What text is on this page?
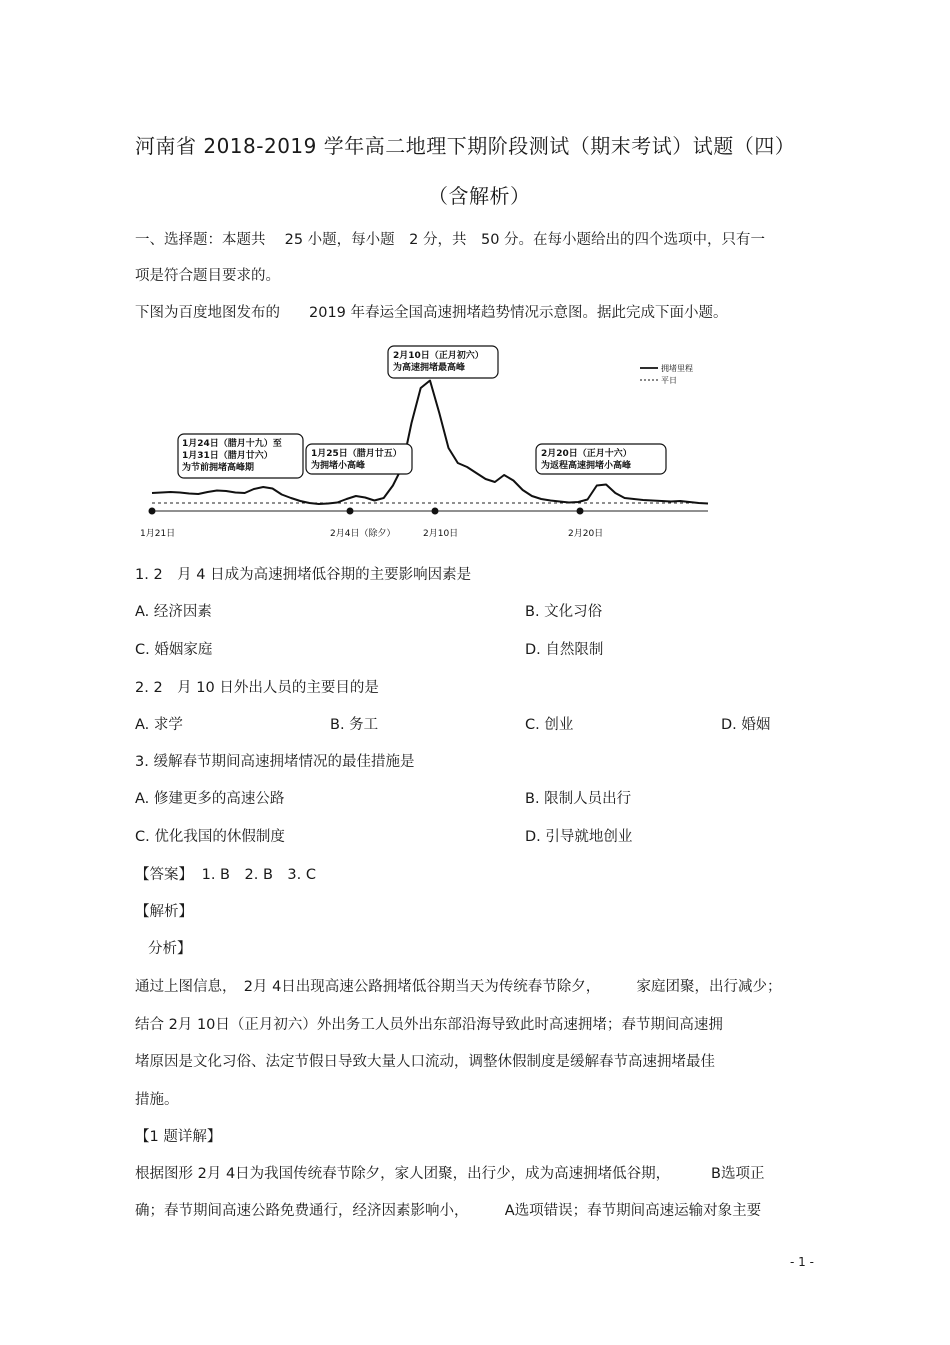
河南省 2018-2019 学年高二地理下期阶段测试（期末考试）试题（四）
（含解析）
一、选择题：本题共　 25 小题，每小题　2 分，共　50 分。在每小题给出的四个选项中，只有一
项是符合题目要求的。
下图为百度地图发布的　　2019 年春运全国高速拥堵趋势情况示意图。据此完成下面小题。
1月21日	2月4日（除夕）	2月10日	2月20日
1月24日（腊月十九）至
1月31日（腊月廿六）
为节前拥堵高峰期
1月25日（腊月廿五）
为拥堵小高峰
2月10日（正月初六）
为高速拥堵最高峰
2月20日（正月十六）
为返程高速拥堵小高峰
拥堵里程
平日
1. 2　月 4 日成为高速拥堵低谷期的主要影响因素是
A. 经济因素	B. 文化习俗
C. 婚姻家庭	D. 自然限制
2. 2　月 10 日外出人员的主要目的是
A. 求学	B. 务工	C. 创业	D. 婚姻
3. 缓解春节期间高速拥堵情况的最佳措施是
A. 修建更多的高速公路	B. 限制人员出行
C. 优化我国的休假制度	D. 引导就地创业
【答案】 1. B　2. B　3. C
【解析】
分析】
通过上图信息，　2月 4日出现高速公路拥堵低谷期当天为传统春节除夕，　　　家庭团聚，出行减少；
结合 2月 10日（正月初六）外出务工人员外出东部沿海导致此时高速拥堵；春节期间高速拥
堵原因是文化习俗、法定节假日导致大量人口流动，调整休假制度是缓解春节高速拥堵最佳
措施。
【1 题详解】
根据图形 2月 4日为我国传统春节除夕，家人团聚，出行少，成为高速拥堵低谷期，　　　 B选项正
确；春节期间高速公路免费通行，经济因素影响小，　　　A选项错误；春节期间高速运输对象主要
- 1 -
